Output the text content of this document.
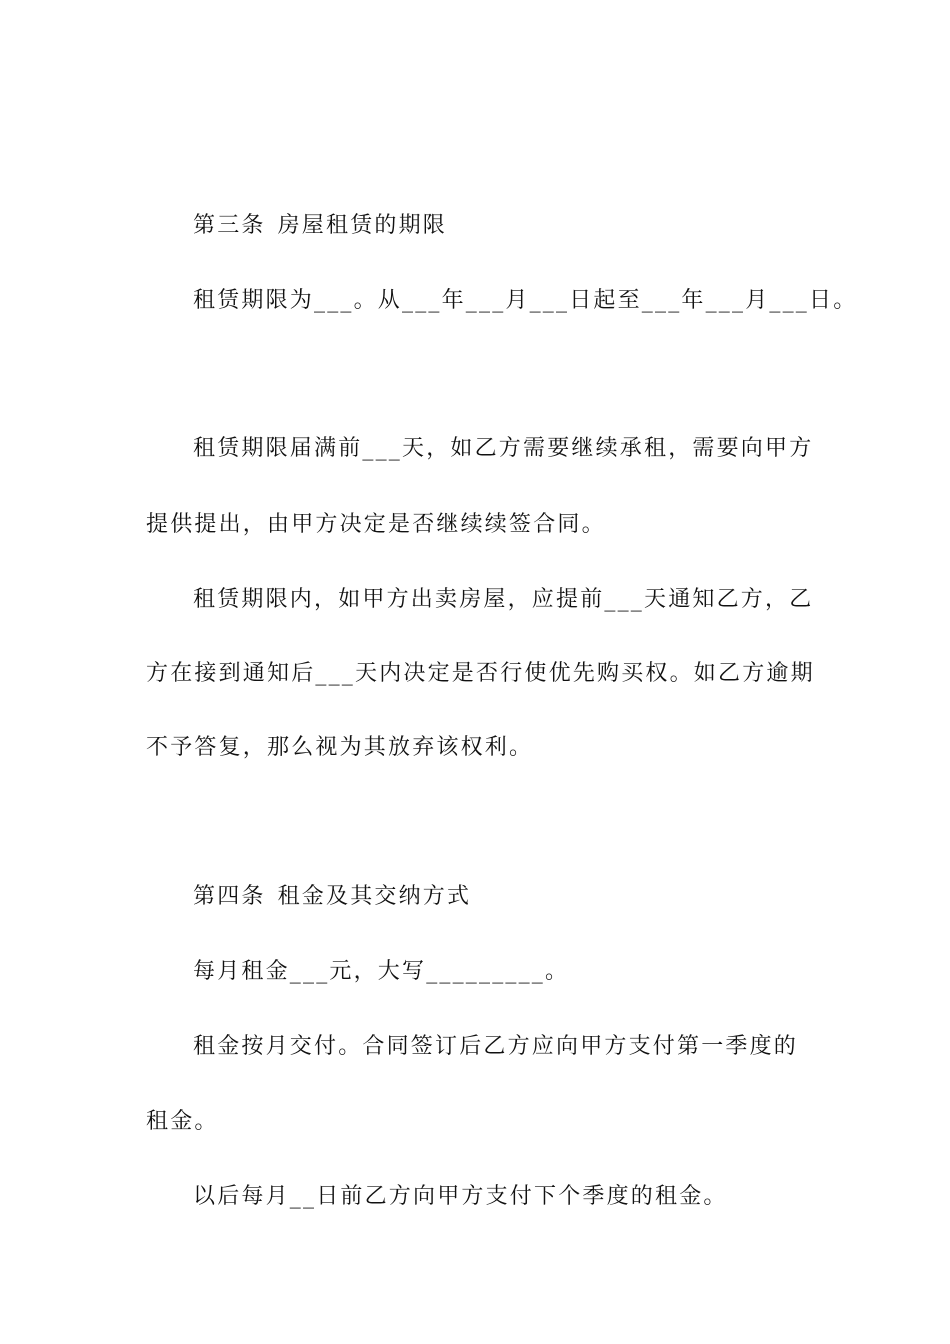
第三条 房屋租赁的期限
租赁期限为___。从___年___月___日起至___年___月___日。
租赁期限届满前___天，如乙方需要继续承租，需要向甲方
提供提出，由甲方决定是否继续续签合同。
租赁期限内，如甲方出卖房屋，应提前___天通知乙方，乙
方在接到通知后___天内决定是否行使优先购买权。如乙方逾期
不予答复，那么视为其放弃该权利。
第四条 租金及其交纳方式
每月租金___元，大写_________。
租金按月交付。合同签订后乙方应向甲方支付第一季度的
租金。
以后每月__日前乙方向甲方支付下个季度的租金。
